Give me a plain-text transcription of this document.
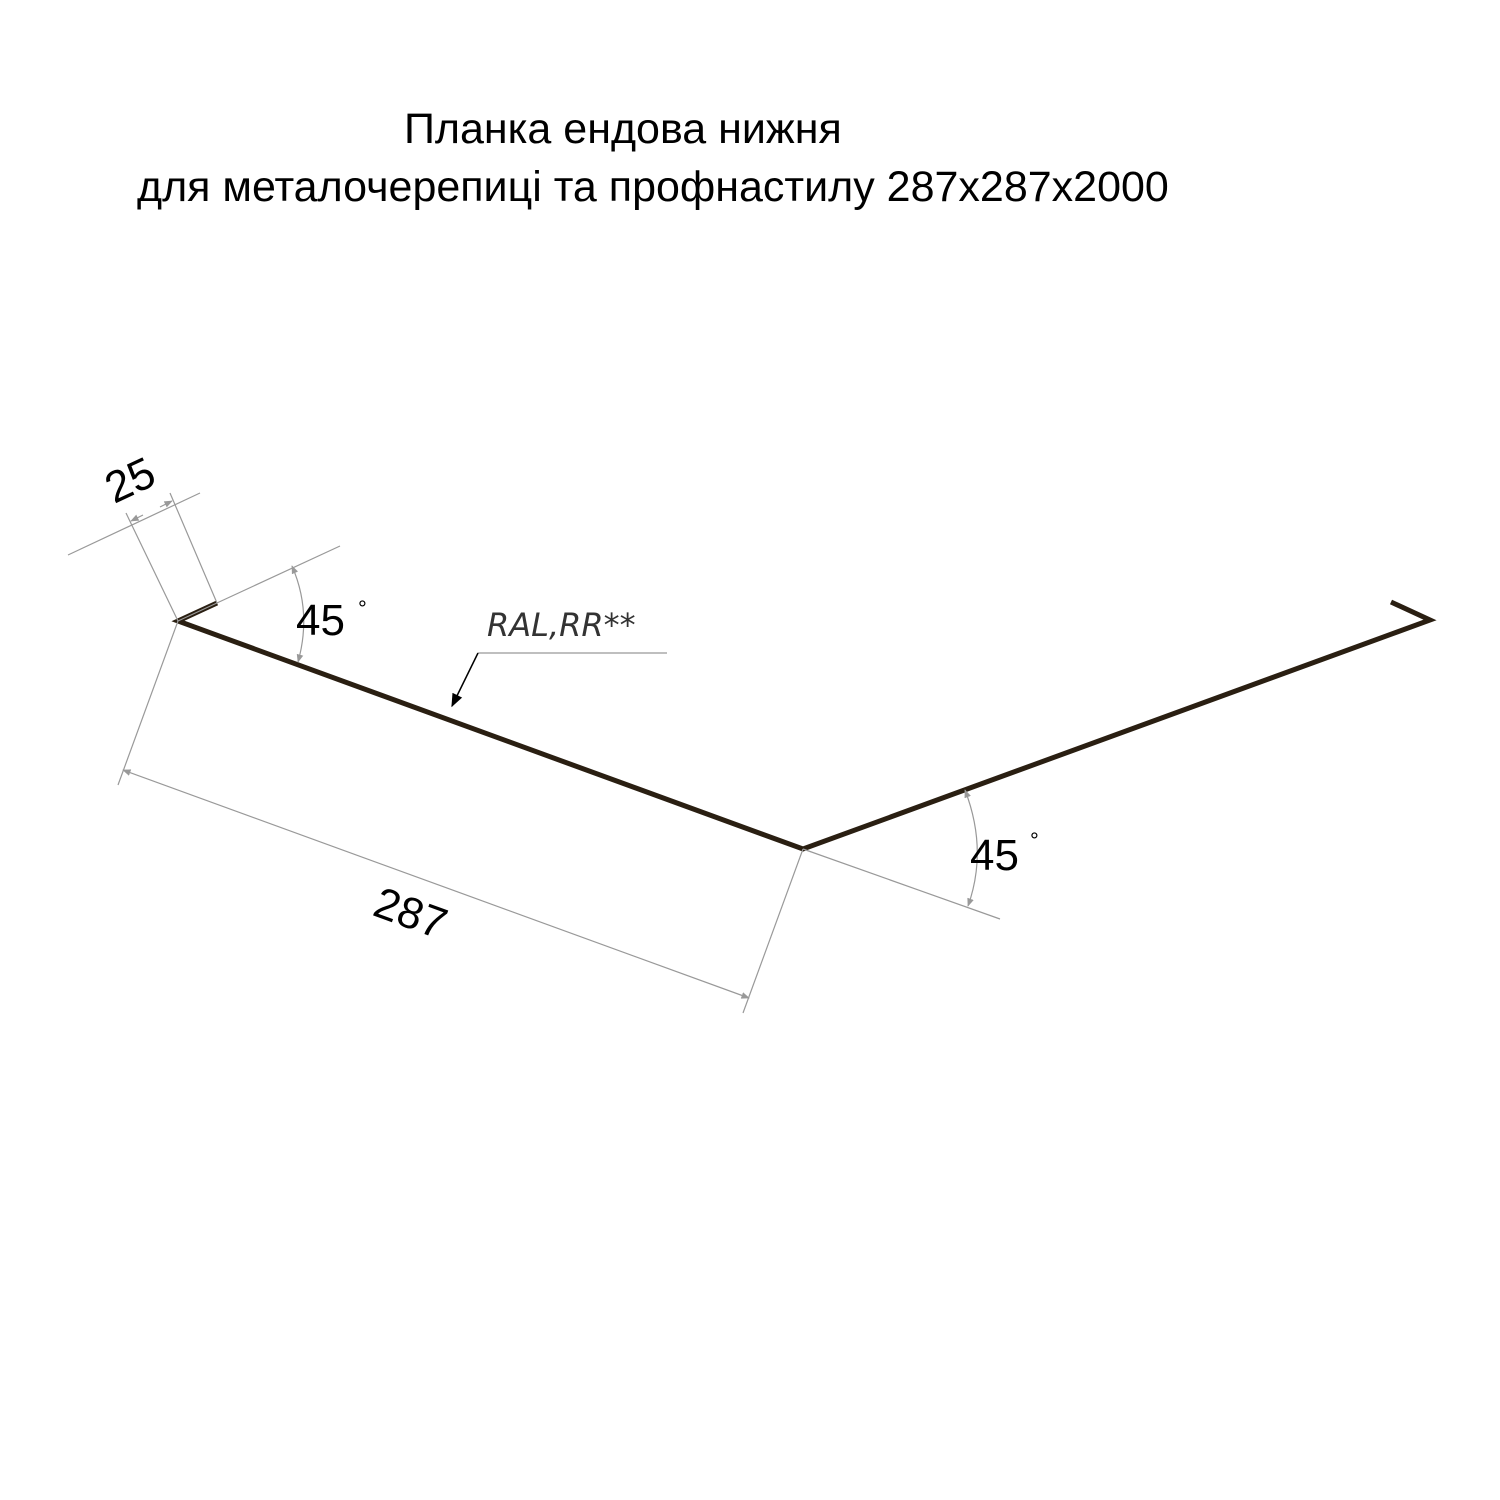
Планка ендова нижня
для металочерепиці та профнастилу 287х287х2000
25
45 °	RAL,RR**
287
45 °
